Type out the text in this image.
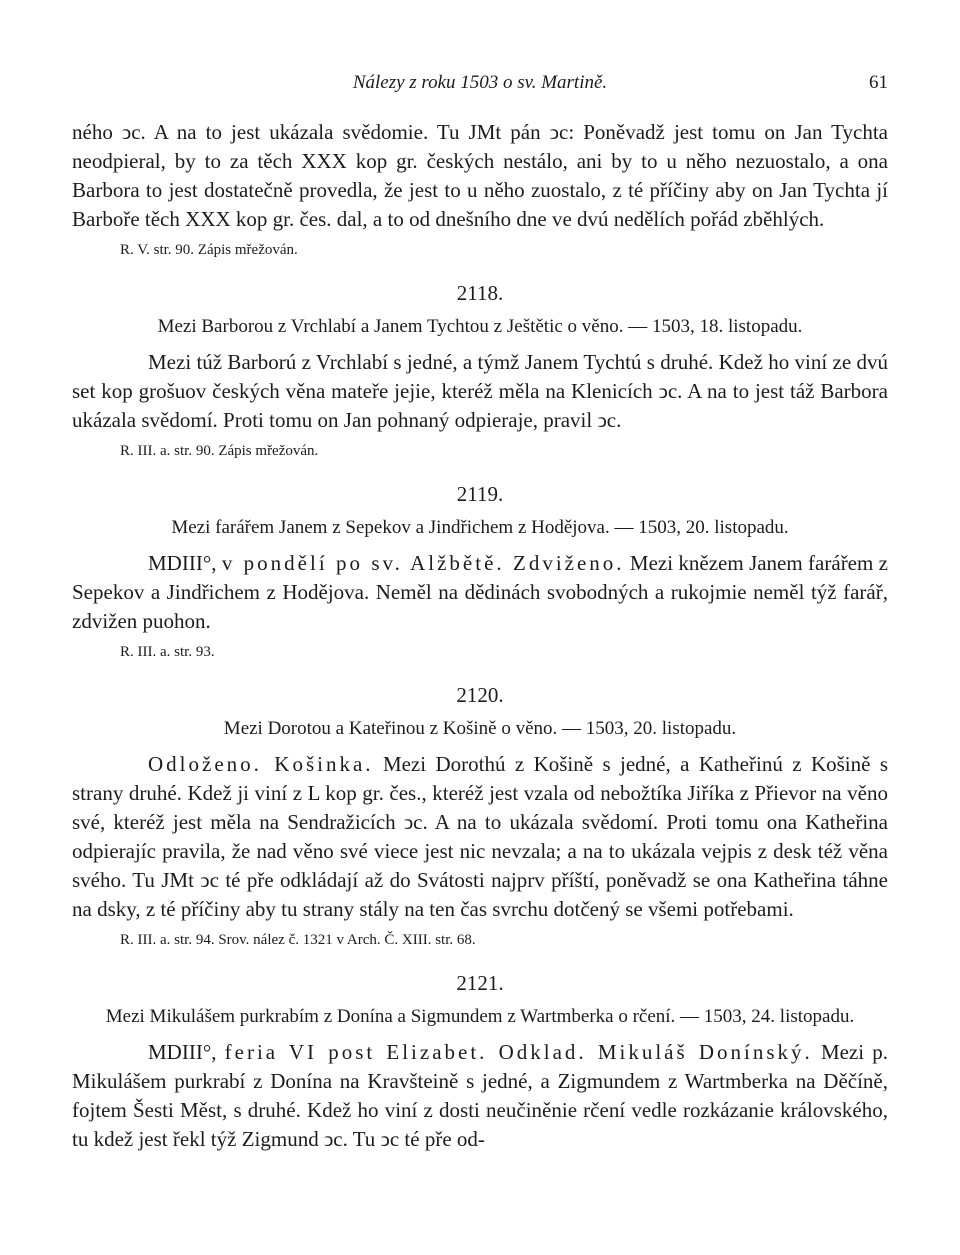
Nálezy z roku 1503 o sv. Martině.	61

ného ͻc. A na to jest ukázala svědomie. Tu JMt pán ͻc: Poněvadž jest tomu on Jan Tychta neodpieral, by to za těch XXX kop gr. českých nestálo, ani by to u něho nezuostalo, a ona Barbora to jest dostatečně provedla, že jest to u něho zuostalo, z té příčiny aby on Jan Tychta jí Barboře těch XXX kop gr. čes. dal, a to od dnešního dne ve dvú nedělích pořád zběhlých.

R. V. str. 90. Zápis mřežován.

2118.

Mezi Barborou z Vrchlabí a Janem Tychtou z Ještětic o věno. — 1503, 18. listopadu.

Mezi túž Barború z Vrchlabí s jedné, a týmž Janem Tychtú s druhé. Kdež ho viní ze dvú set kop grošuov českých věna mateře jejie, kteréž měla na Klenicích ͻc. A na to jest táž Barbora ukázala svědomí. Proti tomu on Jan pohnaný odpieraje, pravil ͻc.

R. III. a. str. 90. Zápis mřežován.

2119.

Mezi farářem Janem z Sepekov a Jindřichem z Hodějova. — 1503, 20. listopadu.

MDIII°, v pondělí po sv. Alžbětě. Zdviženo. Mezi knězem Janem farářem z Sepekov a Jindřichem z Hodějova. Neměl na dědinách svobodných a rukojmie neměl týž farář, zdvižen puohon.

R. III. a. str. 93.

2120.

Mezi Dorotou a Kateřinou z Košině o věno. — 1503, 20. listopadu.

Odloženo. Košinka. Mezi Dorothú z Košině s jedné, a Katheřinú z Košině s strany druhé. Kdež ji viní z L kop gr. čes., kteréž jest vzala od nebožtíka Jiříka z Přievor na věno své, kteréž jest měla na Sendražicích ͻc. A na to ukázala svědomí. Proti tomu ona Katheřina odpierajíc pravila, že nad věno své viece jest nic nevzala; a na to ukázala vejpis z desk též věna svého. Tu JMt ͻc té pře odkládají až do Svátosti najprv příští, poněvadž se ona Katheřina táhne na dsky, z té příčiny aby tu strany stály na ten čas svrchu dotčený se všemi potřebami.

R. III. a. str. 94. Srov. nález č. 1321 v Arch. Č. XIII. str. 68.

2121.

Mezi Mikulášem purkrabím z Donína a Sigmundem z Wartmberka o rčení. — 1503, 24. listopadu.

MDIII°, feria VI post Elizabet. Odklad. Mikuláš Donínský. Mezi p. Mikulášem purkrabí z Donína na Kravšteině s jedné, a Zigmundem z Wartmberka na Děčíně, fojtem Šesti Měst, s druhé. Kdež ho viní z dosti neučiněnie rčení vedle rozkázanie královského, tu kdež jest řekl týž Zigmund ͻc. Tu ͻc té pře od-
